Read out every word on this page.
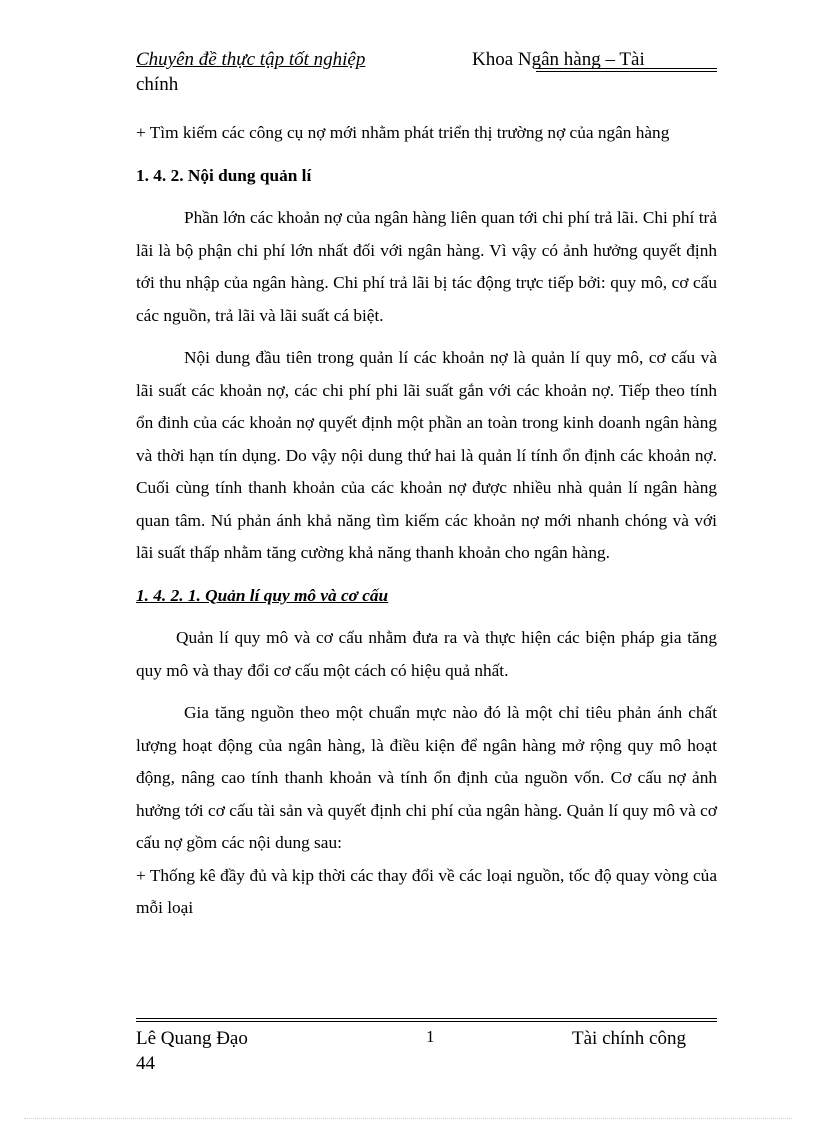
Chuyên đề thực tập tốt nghiệp	Khoa Ngân hàng – Tài
chính

+ Tìm kiếm các công cụ nợ mới nhằm phát triển thị trường nợ của ngân hàng

1. 4. 2. Nội dung quản lí

Phần lớn các khoản nợ của ngân hàng liên quan tới chi phí trả lãi. Chi phí trả lãi là bộ phận chi phí lớn nhất đối với ngân hàng. Vì vậy có ảnh hưởng quyết định tới thu nhập của ngân hàng. Chi phí trả lãi bị tác động trực tiếp bởi: quy mô, cơ cấu các nguồn, trả lãi và lãi suất cá biệt.

Nội dung đầu tiên trong quản lí các khoản nợ là quản lí quy mô, cơ cấu và lãi suất các khoản nợ, các chi phí phi lãi suất gắn với các khoản nợ. Tiếp theo tính ổn đinh của các khoản nợ quyết định một phần an toàn trong kinh doanh ngân hàng và thời hạn tín dụng. Do vậy nội dung thứ hai là quản lí tính ổn định các khoản nợ. Cuối cùng tính thanh khoản của các khoản nợ được nhiều nhà quản lí ngân hàng quan tâm. Nú phản ánh khả năng tìm kiếm các khoản nợ mới nhanh chóng và với lãi suất thấp nhằm tăng cường khả năng thanh khoản cho ngân hàng.

1. 4. 2. 1. Quản lí quy mô và cơ cấu

Quản lí quy mô và cơ cấu nhằm đưa ra và thực hiện các biện pháp gia tăng quy mô và thay đổi cơ cấu một cách có hiệu quả nhất.

Gia tăng nguồn theo một chuẩn mực nào đó là một chỉ tiêu phản ánh chất lượng hoạt động của ngân hàng, là điều kiện để ngân hàng mở rộng quy mô hoạt động, nâng cao tính thanh khoản và tính ổn định của nguồn vốn. Cơ cấu nợ ảnh hưởng tới cơ cấu tài sản và quyết định chi phí của ngân hàng. Quản lí quy mô và cơ cấu nợ gồm các nội dung sau:

+ Thống kê đầy đủ và kịp thời các thay đổi về các loại nguồn, tốc độ quay vòng của mỗi loại

Lê Quang Đạo	1	Tài chính công
44
